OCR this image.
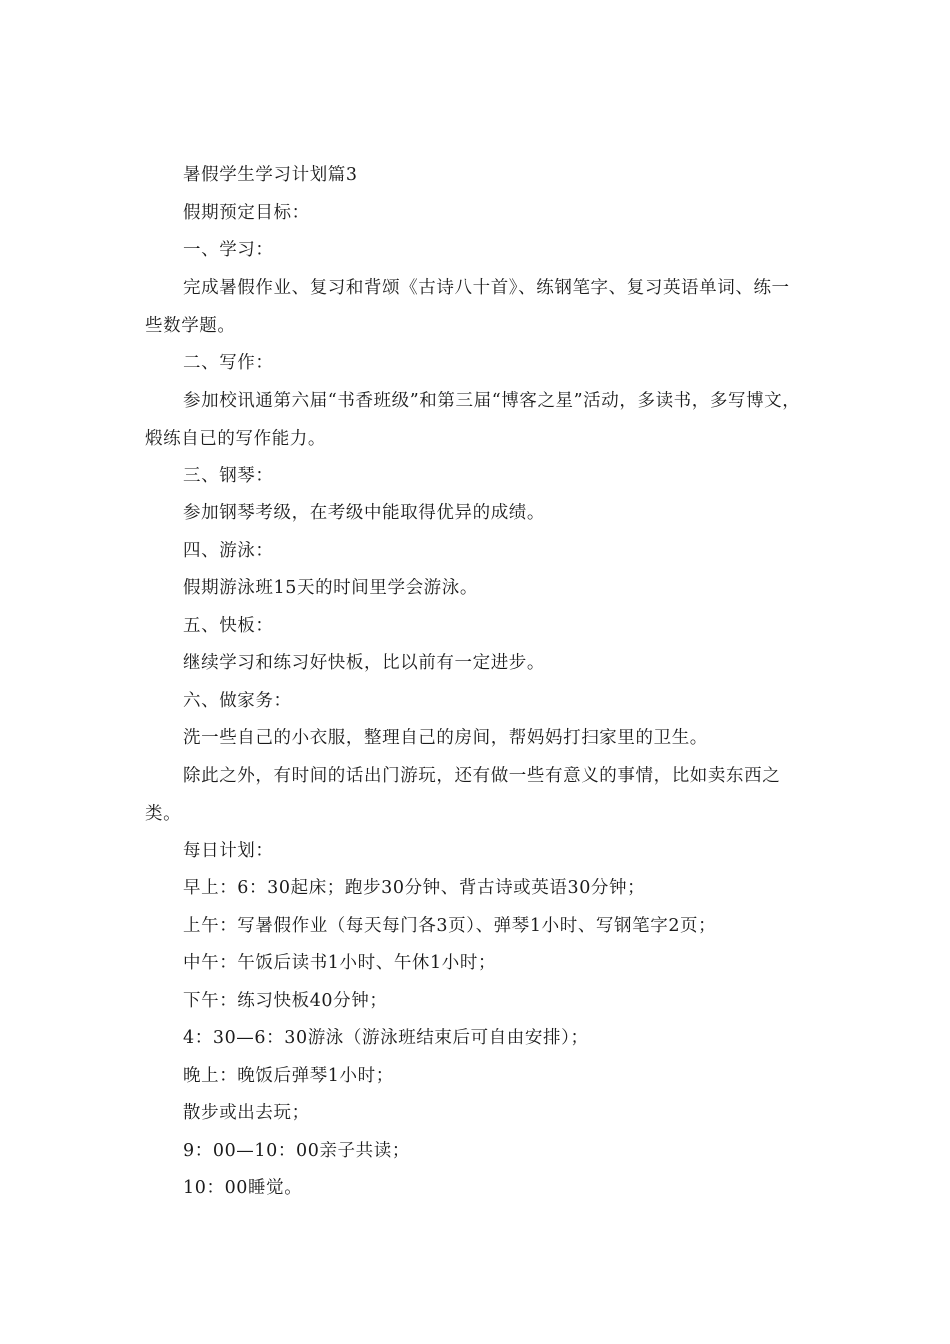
暑假学生学习计划篇3

假期预定目标：

一、学习：

完成暑假作业、复习和背颂《古诗八十首》、练钢笔字、复习英语单词、练一些数学题。

二、写作：

参加校讯通第六届“书香班级”和第三届“博客之星”活动，多读书，多写博文，煅练自已的写作能力。

三、钢琴：

参加钢琴考级，在考级中能取得优异的成绩。

四、游泳：

假期游泳班15天的时间里学会游泳。

五、快板：

继续学习和练习好快板，比以前有一定进步。

六、做家务：

洗一些自己的小衣服，整理自己的房间，帮妈妈打扫家里的卫生。

除此之外，有时间的话出门游玩，还有做一些有意义的事情，比如卖东西之类。

每日计划：

早上：6：30起床；跑步30分钟、背古诗或英语30分钟；

上午：写暑假作业（每天每门各3页）、弹琴1小时、写钢笔字2页；

中午：午饭后读书1小时、午休1小时；

下午：练习快板40分钟；

4：30—6：30游泳（游泳班结束后可自由安排）；

晚上：晚饭后弹琴1小时；

散步或出去玩；

9：00—10：00亲子共读；

10：00睡觉。
